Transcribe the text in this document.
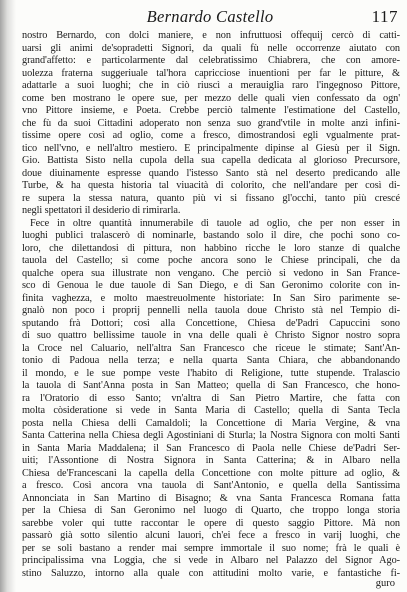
Bernardo Castello	117
nostro Bernardo, con dolci maniere, e non infruttuosi offequij cercò di catti-
uarsi gli animi de'sopradetti Signori, da quali fù nelle occorrenze aiutato con
grand'affetto: e particolarmente dal celebratissimo Chiabrera, che con amore-
uolezza fraterna suggeriuale tal'hora capricciose inuentioni per far le pitture, &
adattarle a suoi luoghi; che in ciò riuscì a merauiglia raro l'ingegnoso Pittore,
come ben mostrano le opere sue, per mezzo delle quali vien confessato da ogn'
vno Pittore insieme, e Poeta. Crebbe perciò talmente l'estimatione del Castello,
che fù da suoi Cittadini adoperato non senza suo grand'vtile in molte anzi infini-
tissime opere così ad oglio, come a fresco, dimostrandosi egli vgualmente prat-
tico nell'vno, e nell'altro mestiero. E principalmente dipinse al Giesù per il Sign.
Gio. Battista Sisto nella cupola della sua capella dedicata al glorioso Precursore,
doue diuinamente espresse quando l'istesso Santo stà nel deserto predicando alle
Turbe, & ha questa historia tal viuacità di colorito, che nell'andare per così di-
re supera la stessa natura, quanto più vi si fissano gl'occhi, tanto più crescé
negli spettatori il desiderio di rimirarla.
Fece in oltre quantità innumerabile di tauole ad oglio, che per non esser in
luoghi publici tralascerò di nominarle, bastando solo il dire, che pochi sono co-
loro, che dilettandosi di pittura, non habbino ricche le loro stanze di qualche
tauola del Castello; sì come poche ancora sono le Chiese principali, che da
qualche opera sua illustrate non vengano. Che perciò si vedono in San France-
sco di Genoua le due tauole di San Diego, e di San Geronimo colorite con in-
finita vaghezza, e molto maestreuolmente historiate: In San Siro parimente se-
gnalò non poco i proprij pennelli nella tauola doue Christo stà nel Tempio di-
sputando frà Dottori; così alla Concettione, Chiesa de'Padri Capuccini sono
di suo quattro bellissime tauole in vna delle quali è Christo Signor nostro sopra
la Croce nel Caluario, nell'altra San Francesco che riceue le stimate; Sant'An-
tonio di Padoua nella terza; e nella quarta Santa Chiara, che abbandonando
il mondo, e le sue pompe veste l'habito di Religione, tutte stupende. Tralascio
la tauola di Sant'Anna posta in San Matteo; quella di San Francesco, che hono-
ra l'Oratorio di esso Santo; vn'altra di San Pietro Martire, che fatta con
molta còsideratione si vede in Santa Maria di Castello; quella di Santa Tecla
posta nella Chiesa delli Camaldoli; la Concettione di Maria Vergine, & vna
Santa Catterina nella Chiesa degli Agostiniani di Sturla; la Nostra Signora con molti Santi
in Santa Maria Maddalena; il San Francesco di Paola nelle Chiese de'Padri Ser-
uiti; l'Assontione di Nostra Signora in Santa Catterina; & in Albaro nella
Chiesa de'Francescani la capella della Concettione con molte pitture ad oglio, &
a fresco. Così ancora vna tauola di Sant'Antonio, e quella della Santissima
Annonciata in San Martino di Bisagno; & vna Santa Francesca Romana fatta
per la Chiesa di San Geronimo nel luogo di Quarto, che troppo longa storia
sarebbe voler qui tutte raccontar le opere di questo saggio Pittore. Mà non
passarò già sotto silentio alcuni lauori, ch'ei fece a fresco in varij luoghi, che
per se soli bastano a render mai sempre immortale il suo nome; frà le quali è
principalissima vna Loggia, che si vede in Albaro nel Palazzo del Signor Ago-
stino Saluzzo, intorno alla quale con attitudini molto varie, e fantastiche fi-
guro
